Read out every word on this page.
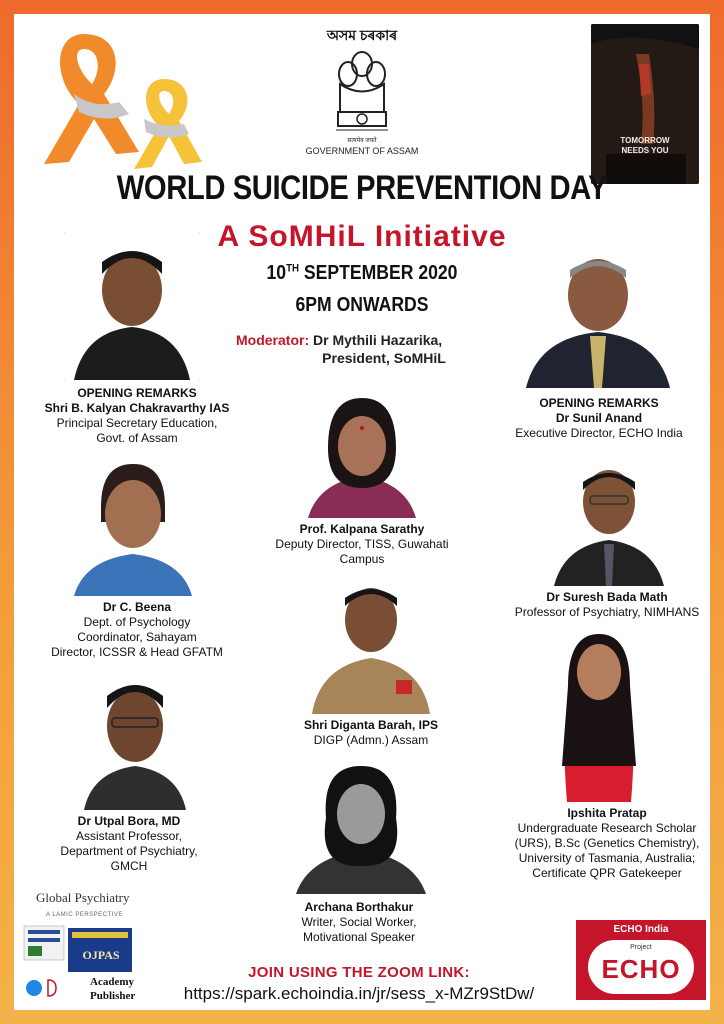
অসম চৰকাৰ
सत्यमेव जयते
GOVERNMENT OF ASSAM
TOMORROW NEEDS YOU
WORLD SUICIDE PREVENTION DAY
A SoMHiL Initiative
10TH SEPTEMBER 2020
6PM ONWARDS
Moderator: Dr Mythili Hazarika,
President, SoMHiL
OPENING REMARKS
Shri B. Kalyan Chakravarthy IAS
Principal Secretary Education,
Govt. of Assam
OPENING REMARKS
Dr Sunil Anand
Executive Director, ECHO India
Prof. Kalpana Sarathy
Deputy Director, TISS, Guwahati
Campus
Dr C. Beena
Dept. of Psychology
Coordinator, Sahayam
Director, ICSSR & Head GFATM
Dr Suresh Bada Math
Professor of Psychiatry, NIMHANS
Shri Diganta Barah, IPS
DIGP (Admn.) Assam
Dr Utpal Bora, MD
Assistant Professor,
Department of Psychiatry,
GMCH
Ipshita Pratap
Undergraduate Research Scholar
(URS), B.Sc (Genetics Chemistry),
University of Tasmania, Australia;
Certificate QPR Gatekeeper
Archana Borthakur
Writer, Social Worker,
Motivational Speaker
Global Psychiatry
A LAMIC PERSPECTIVE
OJPAS
Academy
Publisher
JOIN USING THE ZOOM LINK:
https://spark.echoindia.in/jr/sess_x-MZr9StDw/
ECHO India
Project
ECHO
